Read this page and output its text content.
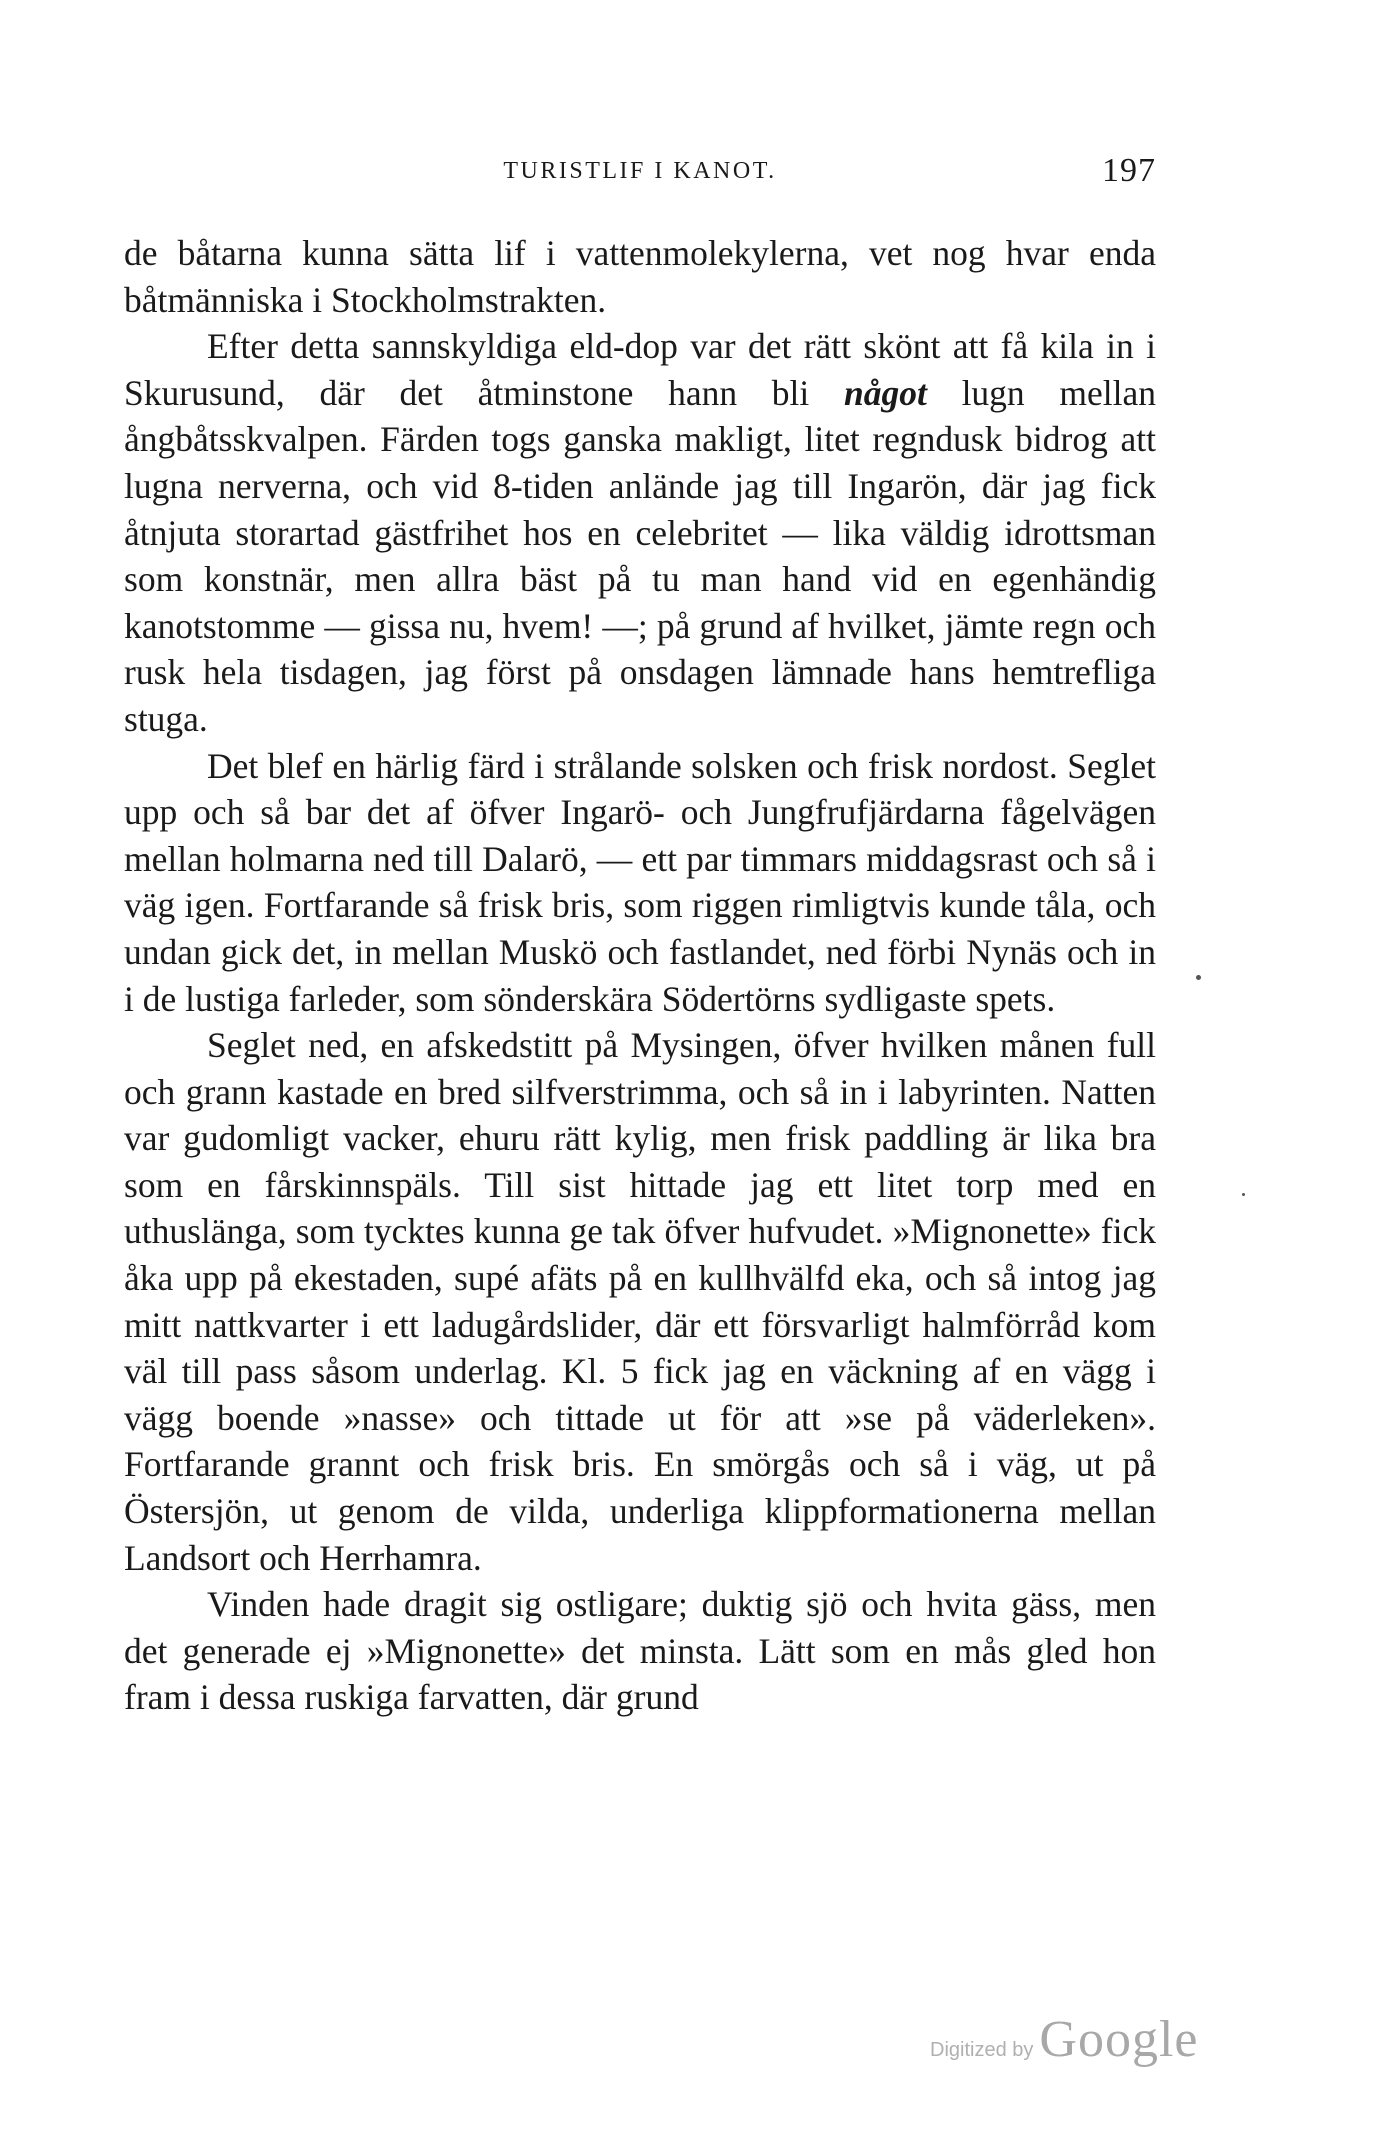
TURISTLIF I KANOT.	197

de båtarna kunna sätta lif i vattenmolekylerna, vet nog hvar enda båtmänniska i Stockholmstrakten.

Efter detta sannskyldiga eld-dop var det rätt skönt att få kila in i Skurusund, där det åtminstone hann bli något lugn mellan ångbåtsskvalpen. Färden togs ganska makligt, litet regndusk bidrog att lugna nerverna, och vid 8-tiden anlände jag till Ingarön, där jag fick åtnjuta storartad gästfrihet hos en celebritet — lika väldig idrottsman som konstnär, men allra bäst på tu man hand vid en egenhändig kanotstomme — gissa nu, hvem! —; på grund af hvilket, jämte regn och rusk hela tisdagen, jag först på onsdagen lämnade hans hemtrefliga stuga.

Det blef en härlig färd i strålande solsken och frisk nordost. Seglet upp och så bar det af öfver Ingarö- och Jungfrufjärdarna fågelvägen mellan holmarna ned till Dalarö, — ett par timmars middagsrast och så i väg igen. Fortfarande så frisk bris, som riggen rimligtvis kunde tåla, och undan gick det, in mellan Muskö och fastlandet, ned förbi Nynäs och in i de lustiga farleder, som sönderskära Södertörns sydligaste spets.

Seglet ned, en afskedstitt på Mysingen, öfver hvilken månen full och grann kastade en bred silfverstrimma, och så in i labyrinten. Natten var gudomligt vacker, ehuru rätt kylig, men frisk paddling är lika bra som en fårskinnspäls. Till sist hittade jag ett litet torp med en uthuslänga, som tycktes kunna ge tak öfver hufvudet. »Mignonette» fick åka upp på ekestaden, supé afäts på en kullhvälfd eka, och så intog jag mitt nattkvarter i ett ladugårdslider, där ett försvarligt halmförråd kom väl till pass såsom underlag. Kl. 5 fick jag en väckning af en vägg i vägg boende »nasse» och tittade ut för att »se på väderleken». Fortfarande grannt och frisk bris. En smörgås och så i väg, ut på Östersjön, ut genom de vilda, underliga klippformationerna mellan Landsort och Herrhamra.

Vinden hade dragit sig ostligare; duktig sjö och hvita gäss, men det generade ej »Mignonette» det minsta. Lätt som en mås gled hon fram i dessa ruskiga farvatten, där grund

Digitized by Google
